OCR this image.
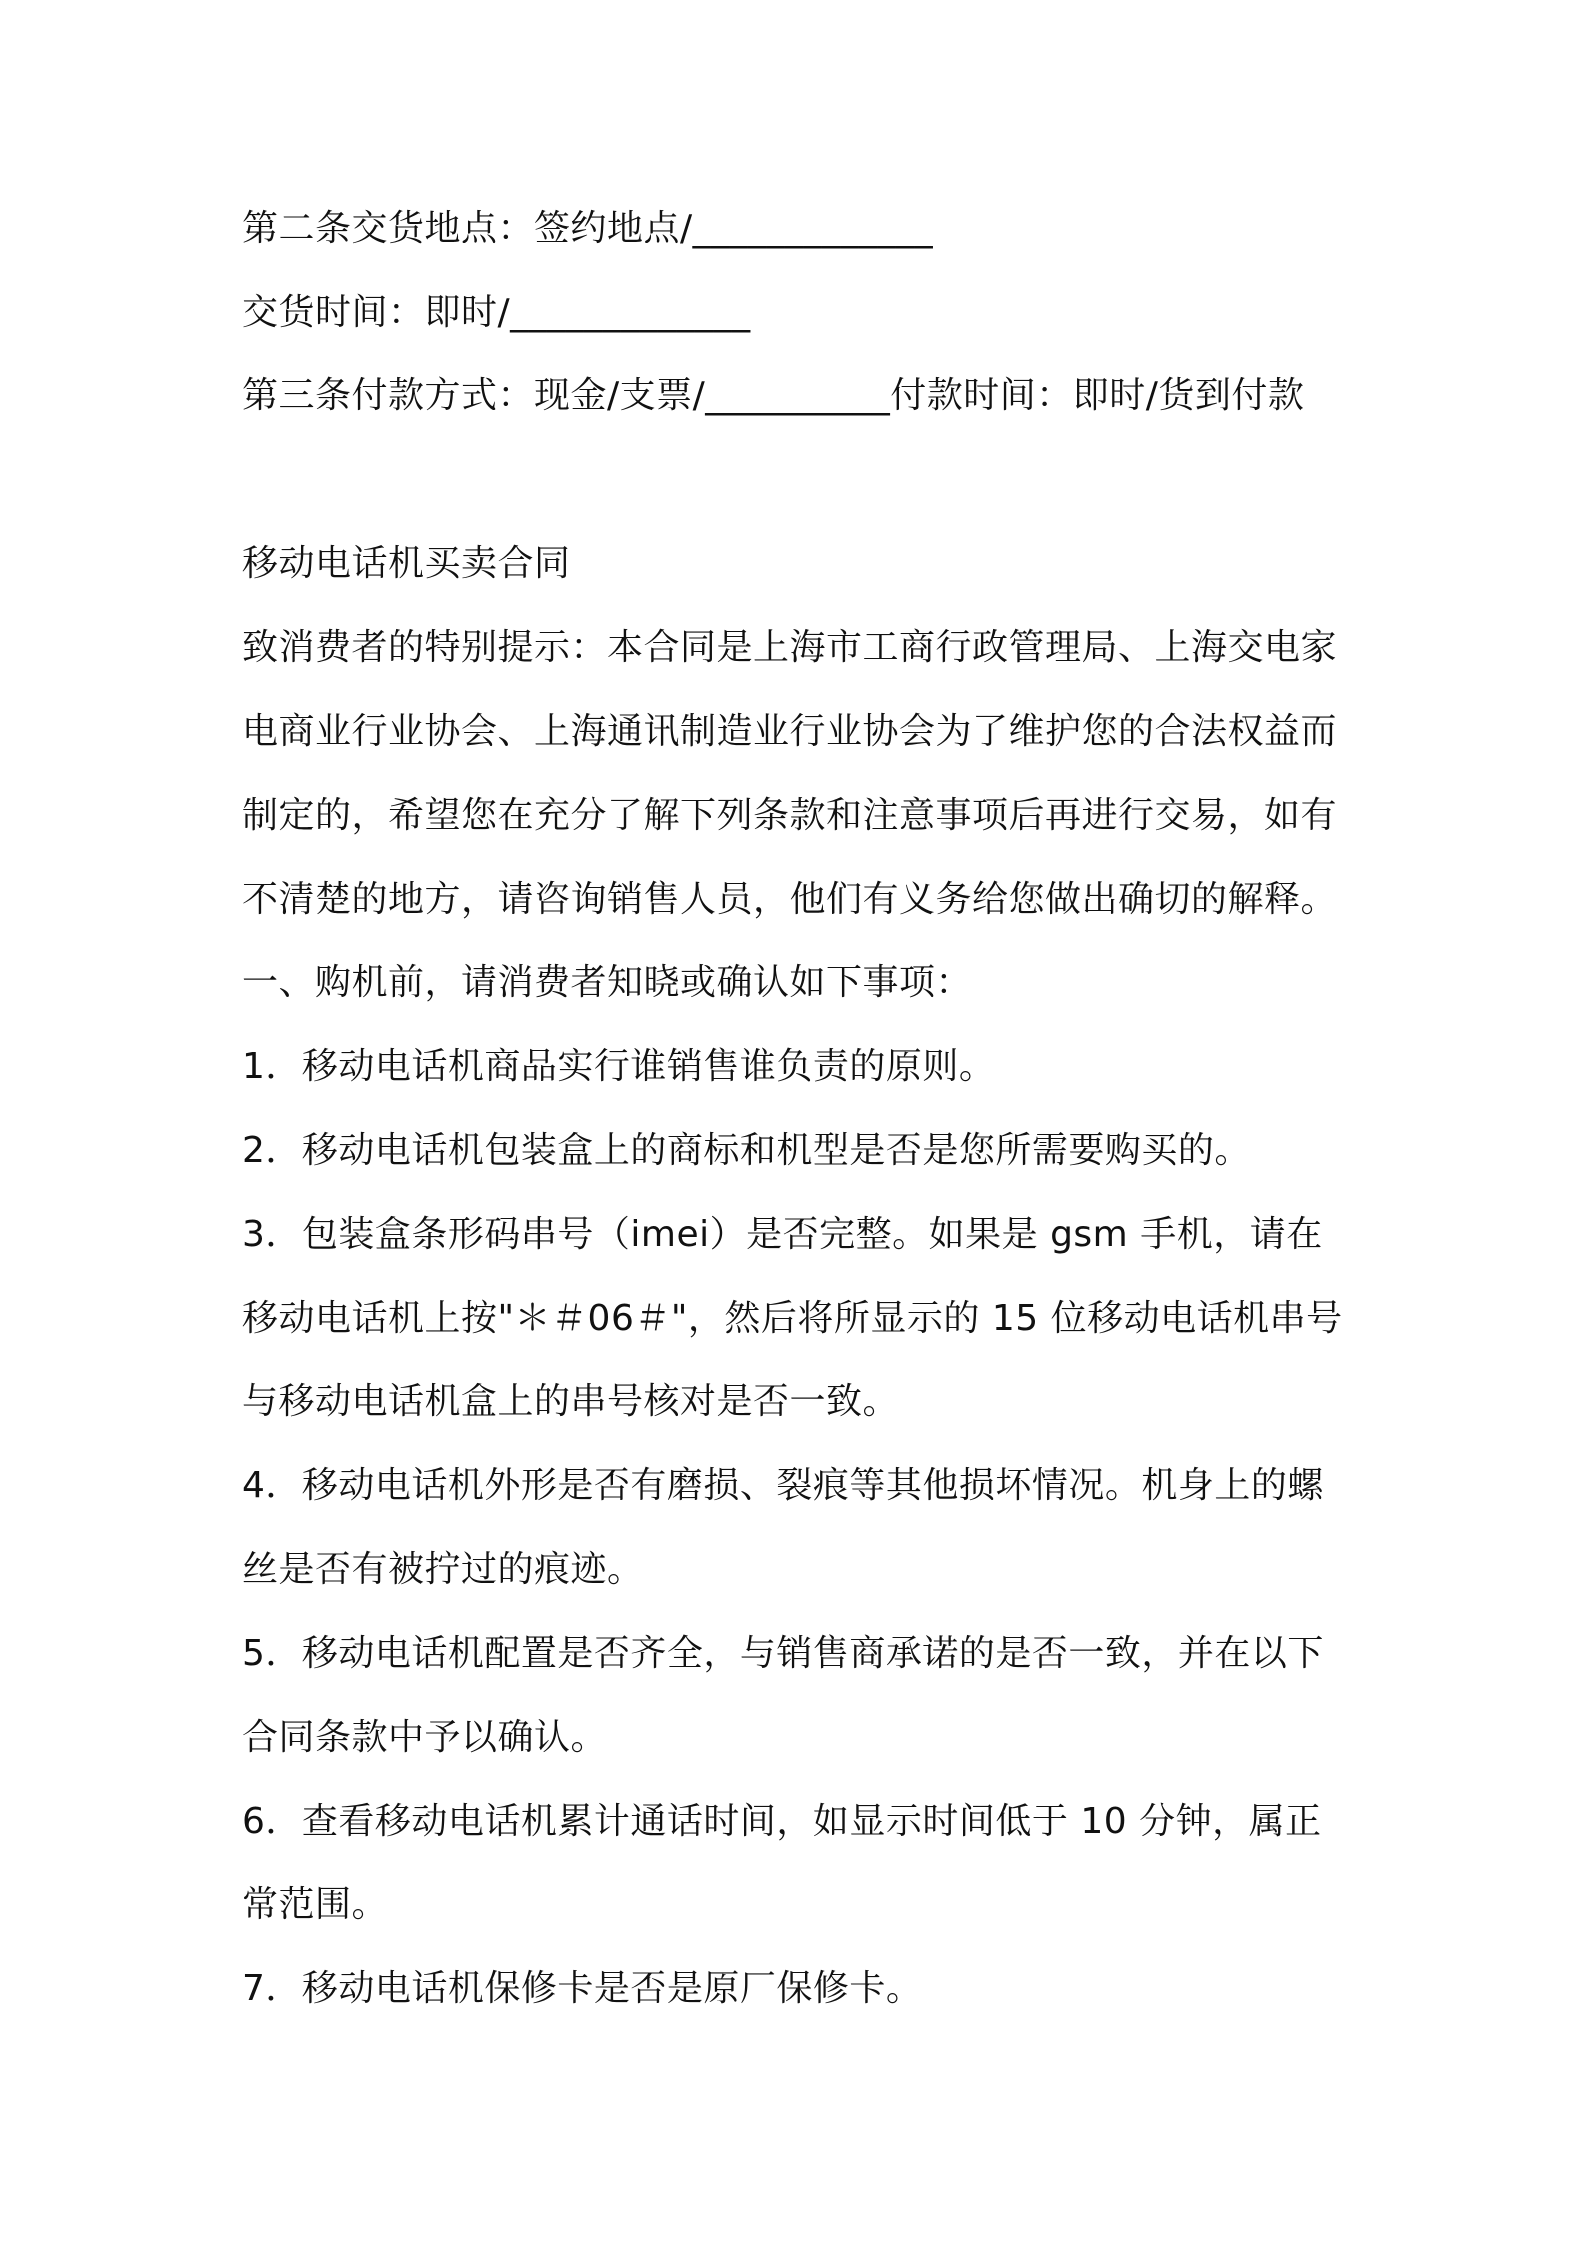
第二条交货地点：签约地点/_____________
交货时间：即时/_____________
第三条付款方式：现金/支票/__________付款时间：即时/货到付款
移动电话机买卖合同
致消费者的特别提示：本合同是上海市工商行政管理局、上海交电家
电商业行业协会、上海通讯制造业行业协会为了维护您的合法权益而
制定的，希望您在充分了解下列条款和注意事项后再进行交易，如有
不清楚的地方，请咨询销售人员，他们有义务给您做出确切的解释。
一、购机前，请消费者知晓或确认如下事项：
1．移动电话机商品实行谁销售谁负责的原则。
2．移动电话机包装盒上的商标和机型是否是您所需要购买的。
3．包装盒条形码串号（imei）是否完整。如果是 gsm 手机，请在
移动电话机上按"＊＃06＃"，然后将所显示的 15 位移动电话机串号
与移动电话机盒上的串号核对是否一致。
4．移动电话机外形是否有磨损、裂痕等其他损坏情况。机身上的螺
丝是否有被拧过的痕迹。
5．移动电话机配置是否齐全，与销售商承诺的是否一致，并在以下
合同条款中予以确认。
6．查看移动电话机累计通话时间，如显示时间低于 10 分钟，属正
常范围。
7．移动电话机保修卡是否是原厂保修卡。
